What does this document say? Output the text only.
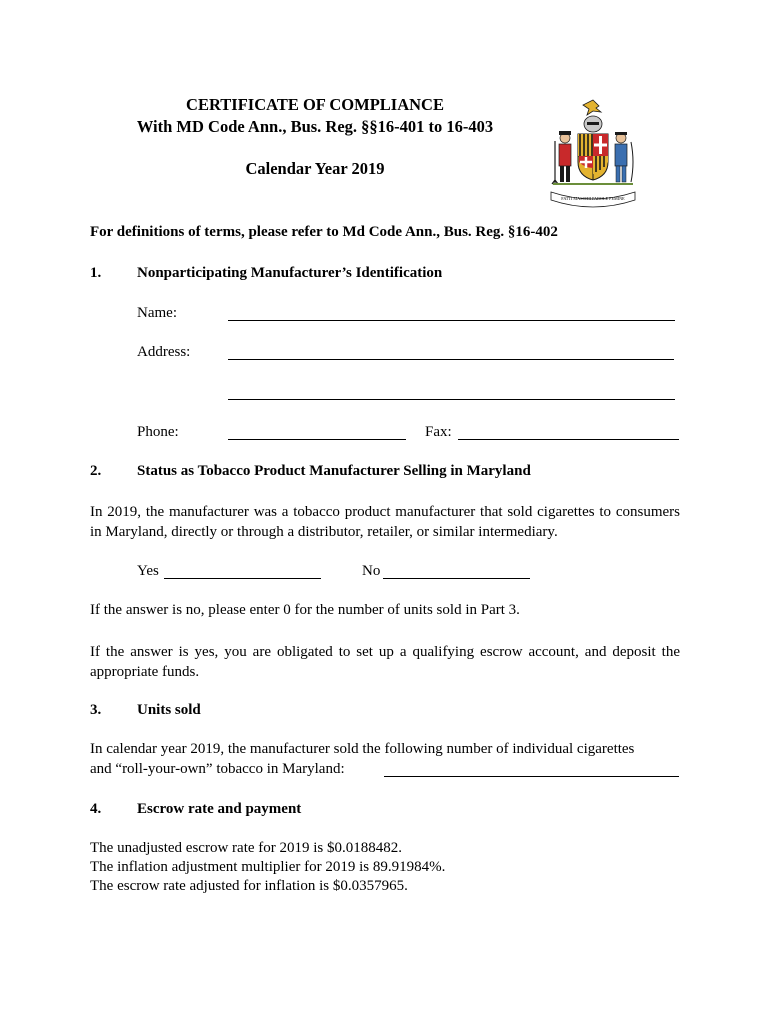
CERTIFICATE OF COMPLIANCE
With MD Code Ann., Bus. Reg. §§16-401 to 16-403
Calendar Year 2019
FATTI MASCHII PAROLE FEMINE
For definitions of terms, please refer to Md Code Ann., Bus. Reg. §16-402
1. Nonparticipating Manufacturer’s Identification
Name:
Address:
Phone:	Fax:
2. Status as Tobacco Product Manufacturer Selling in Maryland
In 2019, the manufacturer was a tobacco product manufacturer that sold cigarettes to consumers in Maryland, directly or through a distributor, retailer, or similar intermediary.
Yes	No
If the answer is no, please enter 0 for the number of units sold in Part 3.
If the answer is yes, you are obligated to set up a qualifying escrow account, and deposit the appropriate funds.
3. Units sold
In calendar year 2019, the manufacturer sold the following number of individual cigarettes
and “roll-your-own” tobacco in Maryland:
4. Escrow rate and payment
The unadjusted escrow rate for 2019 is $0.0188482.
The inflation adjustment multiplier for 2019 is 89.91984%.
The escrow rate adjusted for inflation is $0.0357965.
